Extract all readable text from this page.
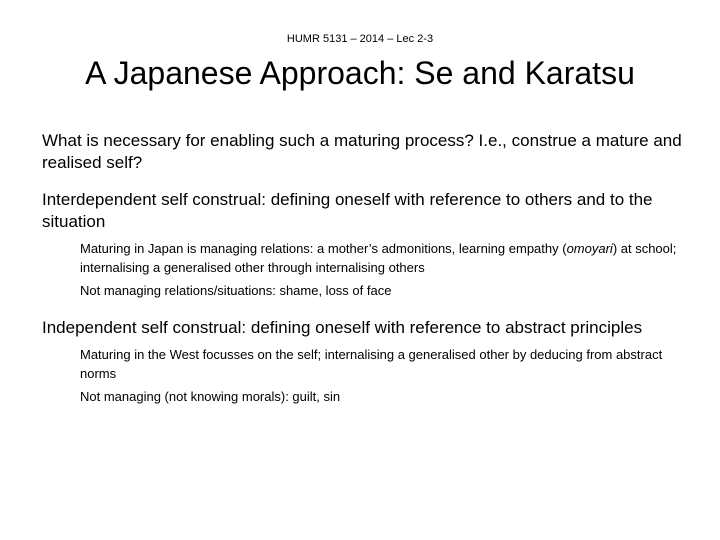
HUMR 5131 – 2014 – Lec 2-3
A Japanese Approach: Se and Karatsu

What is necessary for enabling such a maturing process? I.e., construe a mature and realised self?

Interdependent self construal: defining oneself with reference to others and to the situation

Maturing in Japan is managing relations: a mother’s admonitions, learning empathy (omoyari) at school; internalising a generalised other through internalising others

Not managing relations/situations: shame, loss of face

Independent self construal: defining oneself with reference to abstract principles

Maturing in the West focusses on the self; internalising a generalised other by deducing from abstract norms

Not managing (not knowing morals): guilt, sin
